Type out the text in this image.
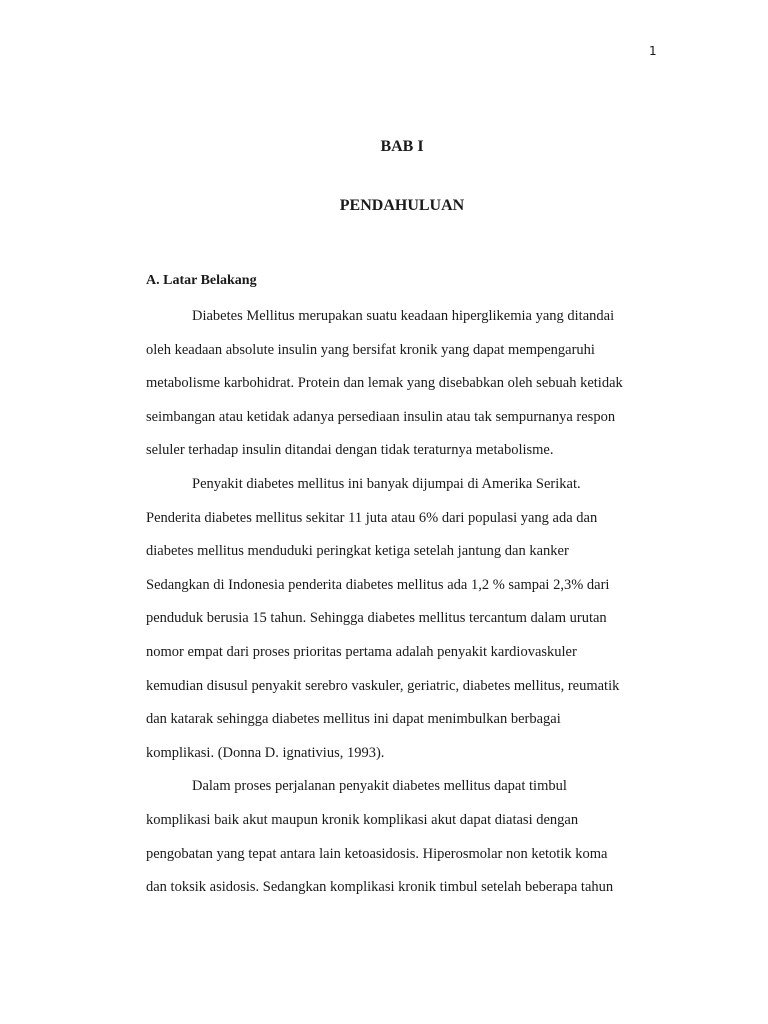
1
BAB I
PENDAHULUAN
A. Latar Belakang
Diabetes Mellitus merupakan suatu keadaan hiperglikemia yang ditandai
oleh keadaan absolute insulin yang bersifat kronik yang dapat mempengaruhi
metabolisme karbohidrat. Protein dan lemak yang disebabkan oleh sebuah ketidak
seimbangan atau ketidak adanya persediaan insulin atau tak sempurnanya respon
seluler terhadap insulin ditandai dengan tidak teraturnya metabolisme.
Penyakit diabetes mellitus ini banyak dijumpai di Amerika Serikat.
Penderita diabetes mellitus sekitar 11 juta atau 6% dari populasi yang ada dan
diabetes mellitus menduduki peringkat ketiga setelah jantung dan kanker
Sedangkan di Indonesia penderita diabetes mellitus ada 1,2 % sampai 2,3% dari
penduduk berusia 15 tahun. Sehingga diabetes mellitus tercantum dalam urutan
nomor empat dari proses prioritas pertama adalah penyakit kardiovaskuler
kemudian disusul penyakit serebro vaskuler, geriatric, diabetes mellitus, reumatik
dan katarak sehingga diabetes mellitus ini dapat menimbulkan berbagai
komplikasi. (Donna D. ignativius, 1993).
Dalam proses perjalanan penyakit diabetes mellitus dapat timbul
komplikasi baik akut maupun kronik komplikasi akut dapat diatasi dengan
pengobatan yang tepat antara lain ketoasidosis. Hiperosmolar non ketotik koma
dan toksik asidosis. Sedangkan komplikasi kronik timbul setelah beberapa tahun
